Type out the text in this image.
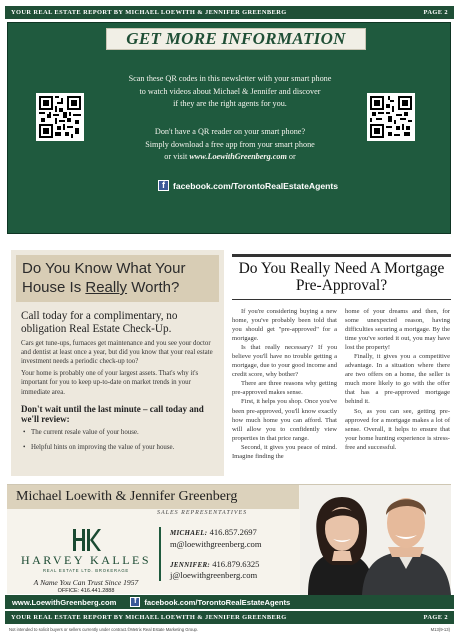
YOUR REAL ESTATE REPORT BY MICHAEL LOEWITH & JENNIFER GREENBERG	PAGE 2
GET MORE INFORMATION
Scan these QR codes in this newsletter with your smart phone
to watch videos about Michael & Jennifer and discover
if they are the right agents for you.
Don't have a QR reader on your smart phone?
Simply download a free app from your smart phone
or visit www.LoewithGreenberg.com or
f facebook.com/TorontoRealEstateAgents
Do You Know What Your House Is Really Worth?
Call today for a complimentary, no obligation Real Estate Check-Up.

Cars get tune-ups, furnaces get maintenance and you see your doctor and dentist at least once a year, but did you know that your real estate investment needs a periodic check-up too?

Your home is probably one of your largest assets. That's why it's important for you to keep up-to-date on market trends in your immediate area.

Don't wait until the last minute – call today and we'll review:
• The current resale value of your house.
• Helpful hints on improving the value of your house.
Do You Really Need A Mortgage Pre-Approval?

If you're considering buying a new home, you've probably been told that you should get "pre-approved" for a mortgage.

Is that really necessary? If you believe you'll have no trouble getting a mortgage, due to your good income and credit score, why bother?

There are three reasons why getting pre-approved makes sense.

First, it helps you shop. Once you've been pre-approved, you'll know exactly how much home you can afford. That will allow you to confidently view properties in that price range.

Second, it gives you peace of mind. Imagine finding the

home of your dreams and then, for some unexpected reason, having difficulties securing a mortgage. By the time you've sorted it out, you may have lost the property!

Finally, it gives you a competitive advantage. In a situation where there are two offers on a home, the seller is much more likely to go with the offer that has a pre-approved mortgage behind it.

So, as you can see, getting pre-approved for a mortgage makes a lot of sense. Overall, it helps to ensure that your home hunting experience is stress-free and successful.

Michael Loewith & Jennifer Greenberg
SALES REPRESENTATIVES
HARVEY KALLES
REAL ESTATE LTD. BROKERAGE
A Name You Can Trust Since 1957
OFFICE: 416.441.2888
MICHAEL: 416.857.2697
m@loewithgreenberg.com
JENNIFER: 416.879.6325
j@loewithgreenberg.com
www.LoewithGreenberg.com	f	facebook.com/TorontoRealEstateAgents
YOUR REAL ESTATE REPORT BY MICHAEL LOEWITH & JENNIFER GREENBERG	PAGE 2
Not intended to solicit buyers or sellers currently under contract.©Metrix Real Estate Marketing Group.	M13(9-13)
